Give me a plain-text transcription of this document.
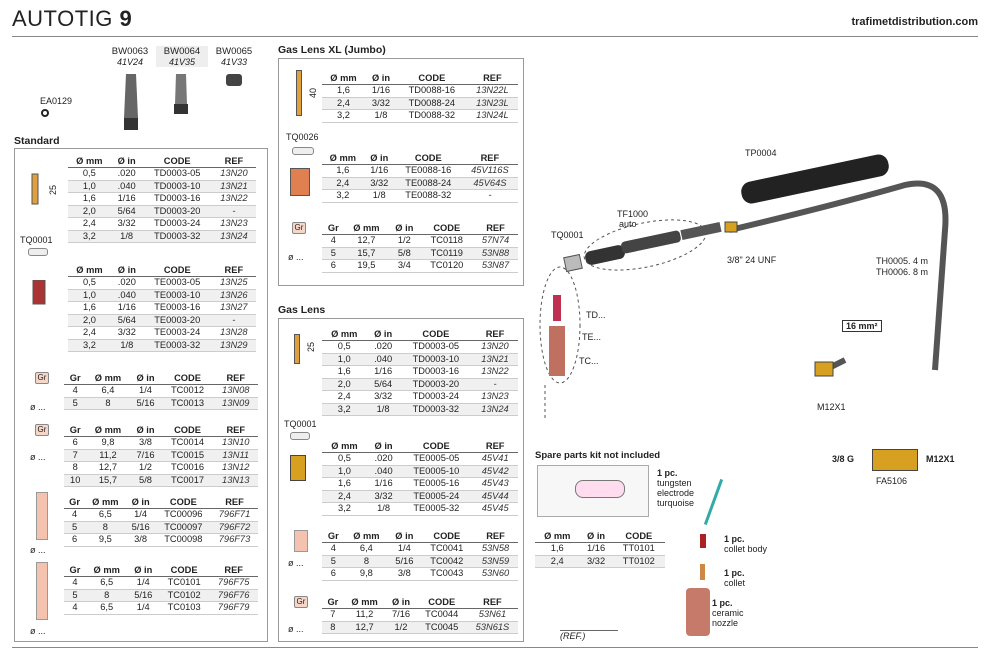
AUTOTIG 9	trafimetdistribution.com
BW0063
41V24
BW0064
41V35
BW0065
41V33
EA0129
Standard
25
TQ0001
Ø mm	Ø in	CODE	REF
0,5	.020	TD0003-05	13N20
1,0	.040	TD0003-10	13N21
1,6	1/16	TD0003-16	13N22
2,0	5/64	TD0003-20	-
2,4	3/32	TD0003-24	13N23
3,2	1/8	TD0003-32	13N24
Ø mm	Ø in	CODE	REF
0,5	.020	TE0003-05	13N25
1,0	.040	TE0003-10	13N26
1,6	1/16	TE0003-16	13N27
2,0	5/64	TE0003-20	-
2,4	3/32	TE0003-24	13N28
3,2	1/8	TE0003-32	13N29
Gr
ø ...
Gr	Ø mm	Ø in	CODE	REF
4	6,4	1/4	TC0012	13N08
5	8	5/16	TC0013	13N09
Gr
ø ...
Gr	Ø mm	Ø in	CODE	REF
6	9,8	3/8	TC0014	13N10
7	11,2	7/16	TC0015	13N11
8	12,7	1/2	TC0016	13N12
10	15,7	5/8	TC0017	13N13
ø ...
Gr	Ø mm	Ø in	CODE	REF
4	6,5	1/4	TC00096	796F71
5	8	5/16	TC00097	796F72
6	9,5	3/8	TC00098	796F73
ø ...
Gr	Ø mm	Ø in	CODE	REF
4	6,5	1/4	TC0101	796F75
5	8	5/16	TC0102	796F76
4	6,5	1/4	TC0103	796F79
Gas Lens XL (Jumbo)
40
TQ0026
Ø mm	Ø in	CODE	REF
1,6	1/16	TD0088-16	13N22L
2,4	3/32	TD0088-24	13N23L
3,2	1/8	TD0088-32	13N24L
Ø mm	Ø in	CODE	REF
1,6	1/16	TE0088-16	45V116S
2,4	3/32	TE0088-24	45V64S
3,2	1/8	TE0088-32	-
Gr
ø ...
Gr	Ø mm	Ø in	CODE	REF
4	12,7	1/2	TC0118	57N74
5	15,7	5/8	TC0119	53N88
6	19,5	3/4	TC0120	53N87
Gas Lens
25
TQ0001
Ø mm	Ø in	CODE	REF
0,5	.020	TD0003-05	13N20
1,0	.040	TD0003-10	13N21
1,6	1/16	TD0003-16	13N22
2,0	5/64	TD0003-20	-
2,4	3/32	TD0003-24	13N23
3,2	1/8	TD0003-32	13N24
Ø mm	Ø in	CODE	REF
0,5	.020	TE0005-05	45V41
1,0	.040	TE0005-10	45V42
1,6	1/16	TE0005-16	45V43
2,4	3/32	TE0005-24	45V44
3,2	1/8	TE0005-32	45V45
ø ...
Gr	Ø mm	Ø in	CODE	REF
4	6,4	1/4	TC0041	53N58
5	8	5/16	TC0042	53N59
6	9,8	3/8	TC0043	53N60
Gr
ø ...
Gr	Ø mm	Ø in	CODE	REF
7	11,2	7/16	TC0044	53N61
8	12,7	1/2	TC0045	53N61S
TP0004
TF1000
auto
TQ0001
3/8" 24 UNF	TH0005. 4 m
TH0006. 8 m
16 mm²
M12X1
TD...
TE...
TC...
3/8 G	M12X1
FA5106
Spare parts kit not included
Ø mm	Ø in	CODE
1,6	1/16	TT0101
2,4	3/32	TT0102
1 pc.
tungsten
electrode
turquoise
1 pc.
collet body
1 pc.
collet
1 pc.
ceramic
nozzle
(REF.)
